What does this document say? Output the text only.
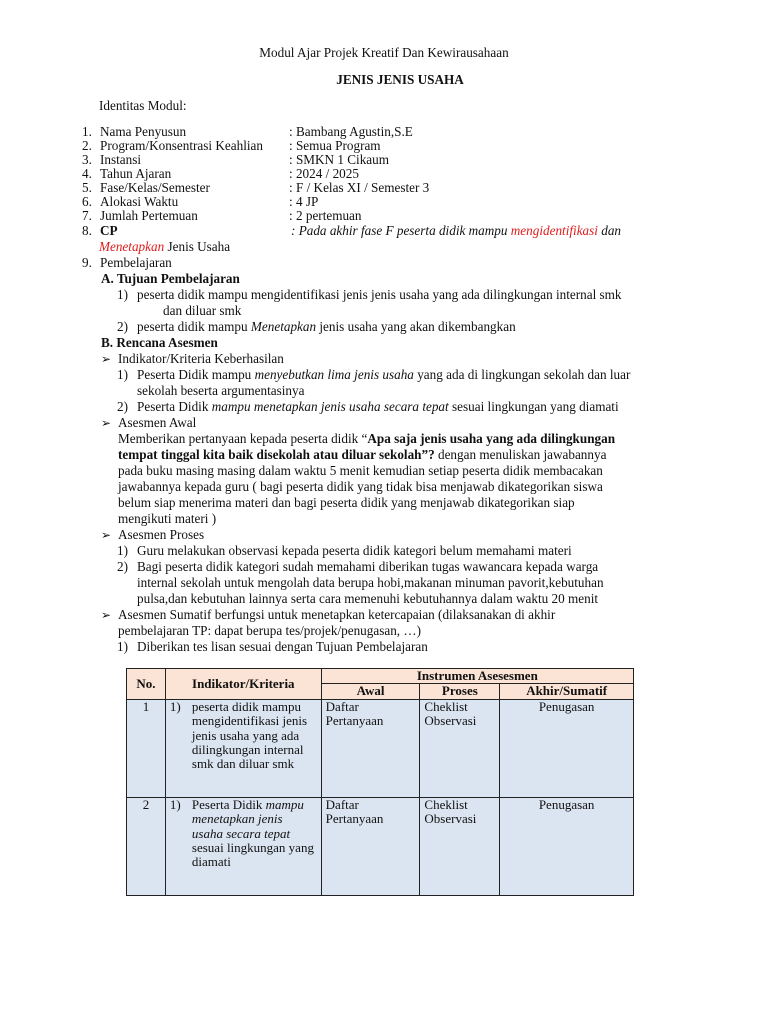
Modul Ajar Projek Kreatif Dan Kewirausahaan
JENIS JENIS USAHA
Identitas Modul:
1. Nama Penyusun	: Bambang Agustin,S.E
2. Program/Konsentrasi Keahlian : Semua Program
3. Instansi	: SMKN 1 Cikaum
4. Tahun Ajaran	: 2024 / 2025
5. Fase/Kelas/Semester	: F / Kelas XI / Semester 3
6. Alokasi Waktu	: 4 JP
7. Jumlah Pertemuan	: 2 pertemuan
8. CP	: Pada akhir fase F peserta didik mampu mengidentifikasi dan
Menetapkan Jenis Usaha
9. Pembelajaran
A. Tujuan Pembelajaran
1) peserta didik mampu mengidentifikasi jenis jenis usaha yang ada dilingkungan internal smk
dan diluar smk
2) peserta didik mampu Menetapkan jenis usaha yang akan dikembangkan
B. Rencana Asesmen
➢ Indikator/Kriteria Keberhasilan
1) Peserta Didik mampu menyebutkan lima jenis usaha yang ada di lingkungan sekolah dan luar
sekolah beserta argumentasinya
2) Peserta Didik mampu menetapkan jenis usaha secara tepat sesuai lingkungan yang diamati
➢ Asesmen Awal
Memberikan pertanyaan kepada peserta didik “Apa saja jenis usaha yang ada dilingkungan
tempat tinggal kita baik disekolah atau diluar sekolah”? dengan menuliskan jawabannya
pada buku masing masing dalam waktu 5 menit kemudian setiap peserta didik membacakan
jawabannya kepada guru ( bagi peserta didik yang tidak bisa menjawab dikategorikan siswa
belum siap menerima materi dan bagi peserta didik yang menjawab dikategorikan siap
mengikuti materi )
➢ Asesmen Proses
1) Guru melakukan observasi kepada peserta didik kategori belum memahami materi
2) Bagi peserta didik kategori sudah memahami diberikan tugas wawancara kepada warga
internal sekolah untuk mengolah data berupa hobi,makanan minuman pavorit,kebutuhan
pulsa,dan kebutuhan lainnya serta cara memenuhi kebutuhannya dalam waktu 20 menit
➢ Asesmen Sumatif berfungsi untuk menetapkan ketercapaian (dilaksanakan di akhir
pembelajaran TP: dapat berupa tes/projek/penugasan, …)
1) Diberikan tes lisan sesuai dengan Tujuan Pembelajaran
No.	Indikator/Kriteria	Instrumen Asesesmen		
		Awal	Proses	Akhir/Sumatif
1	1) peserta didik mampu mengidentifikasi jenis jenis usaha yang ada dilingkungan internal smk dan diluar smk	Daftar Pertanyaan	Cheklist Observasi	Penugasan
2	1) Peserta Didik mampu menetapkan jenis usaha secara tepat sesuai lingkungan yang diamati	Daftar Pertanyaan	Cheklist Observasi	Penugasan
